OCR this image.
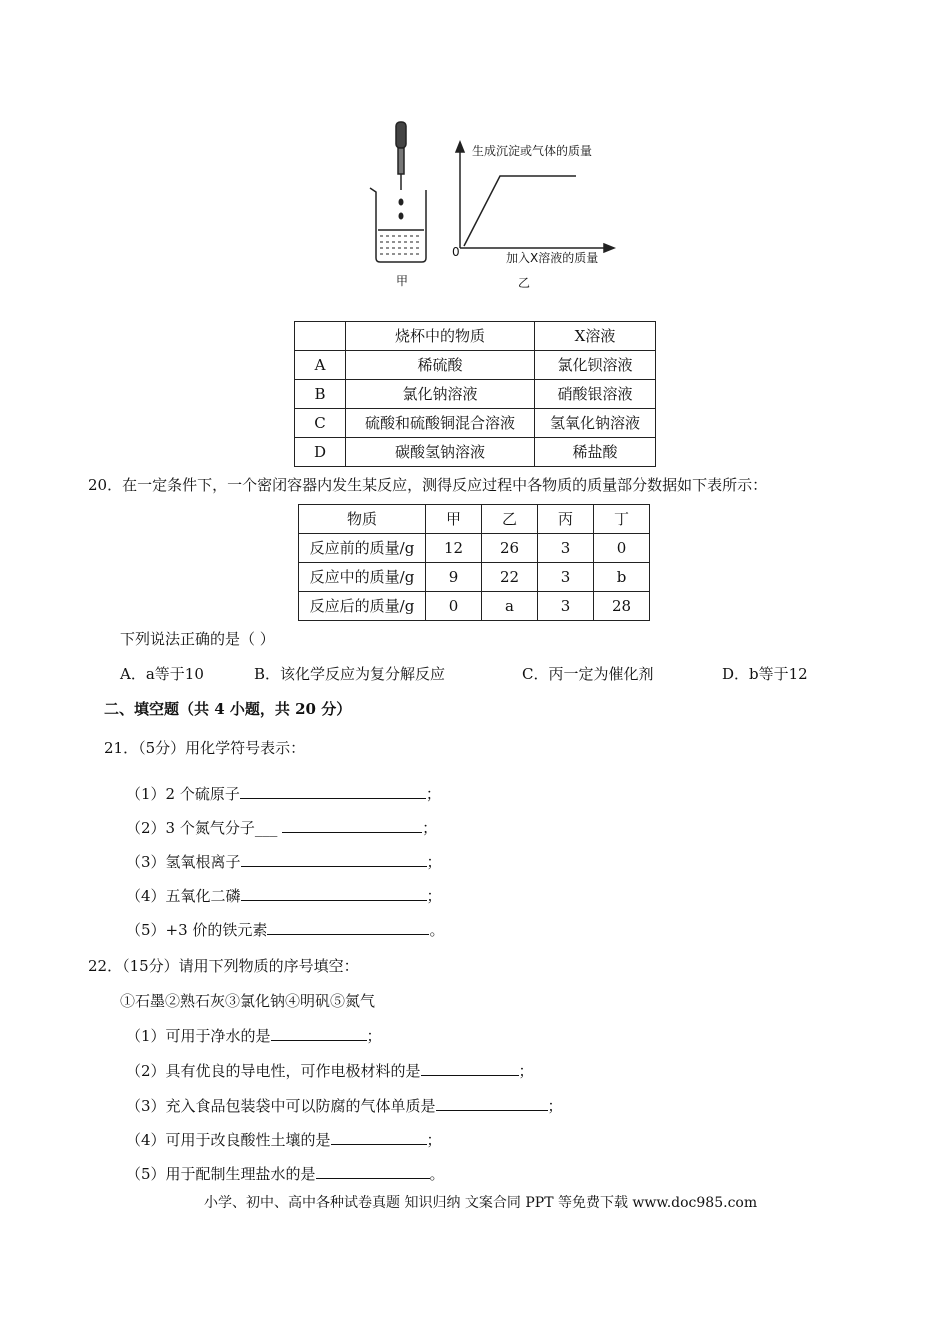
生成沉淀或气体的质量
加入X溶液的质量
0
甲	乙
	烧杯中的物质	X溶液
A	稀硫酸	氯化钡溶液
B	氯化钠溶液	硝酸银溶液
C	硫酸和硫酸铜混合溶液	氢氧化钠溶液
D	碳酸氢钠溶液	稀盐酸
20．在一定条件下，一个密闭容器内发生某反应，测得反应过程中各物质的质量部分数据如下表所示：
物质	甲	乙	丙	丁
反应前的质量/g	12	26	3	0
反应中的质量/g	9	22	3	b
反应后的质量/g	0	a	3	28
下列说法正确的是（ ）
A．a等于10	B．该化学反应为复分解反应	C．丙一定为催化剂	D．b等于12
二、填空题（共 4 小题，共 20 分）
21．（5分）用化学符号表示：
（1）2 个硫原子	；
（2）3 个氮气分子___	；
（3）氢氧根离子	；
（4）五氧化二磷	；
（5）+3 价的铁元素	。
22．（15分）请用下列物质的序号填空：
①石墨②熟石灰③氯化钠④明矾⑤氮气
（1）可用于净水的是	；
（2）具有优良的导电性，可作电极材料的是	；
（3）充入食品包装袋中可以防腐的气体单质是	；
（4）可用于改良酸性土壤的是	；
（5）用于配制生理盐水的是	。
小学、初中、高中各种试卷真题 知识归纳 文案合同 PPT 等免费下载 www.doc985.com
